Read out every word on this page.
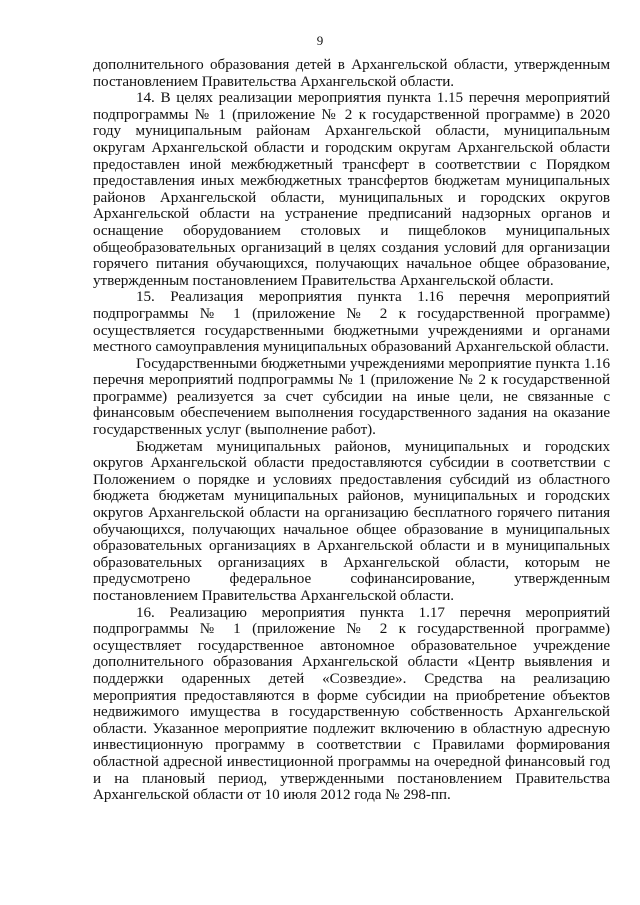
9

дополнительного образования детей в Архангельской области, утвержденным постановлением Правительства Архангельской области.

14. В целях реализации мероприятия пункта 1.15 перечня мероприятий подпрограммы № 1 (приложение № 2 к государственной программе) в 2020 году муниципальным районам Архангельской области, муниципальным округам Архангельской области и городским округам Архангельской области предоставлен иной межбюджетный трансферт в соответствии с Порядком предоставления иных межбюджетных трансфертов бюджетам муниципальных районов Архангельской области, муниципальных и городских округов Архангельской области на устранение предписаний надзорных органов и оснащение оборудованием столовых и пищеблоков муниципальных общеобразовательных организаций в целях создания условий для организации горячего питания обучающихся, получающих начальное общее образование, утвержденным постановлением Правительства Архангельской области.

15. Реализация мероприятия пункта 1.16 перечня мероприятий подпрограммы № 1 (приложение № 2 к государственной программе) осуществляется государственными бюджетными учреждениями и органами местного самоуправления муниципальных образований Архангельской области.

Государственными бюджетными учреждениями мероприятие пункта 1.16 перечня мероприятий подпрограммы № 1 (приложение № 2 к государственной программе) реализуется за счет субсидии на иные цели, не связанные с финансовым обеспечением выполнения государственного задания на оказание государственных услуг (выполнение работ).

Бюджетам муниципальных районов, муниципальных и городских округов Архангельской области предоставляются субсидии в соответствии с Положением о порядке и условиях предоставления субсидий из областного бюджета бюджетам муниципальных районов, муниципальных и городских округов Архангельской области на организацию бесплатного горячего питания обучающихся, получающих начальное общее образование в муниципальных образовательных организациях в Архангельской области и в муниципальных образовательных организациях в Архангельской области, которым не предусмотрено федеральное софинансирование, утвержденным постановлением Правительства Архангельской области.

16. Реализацию мероприятия пункта 1.17 перечня мероприятий подпрограммы № 1 (приложение № 2 к государственной программе) осуществляет государственное автономное образовательное учреждение дополнительного образования Архангельской области «Центр выявления и поддержки одаренных детей «Созвездие». Средства на реализацию мероприятия предоставляются в форме субсидии на приобретение объектов недвижимого имущества в государственную собственность Архангельской области. Указанное мероприятие подлежит включению в областную адресную инвестиционную программу в соответствии с Правилами формирования областной адресной инвестиционной программы на очередной финансовый год и на плановый период, утвержденными постановлением Правительства Архангельской области от 10 июля 2012 года № 298-пп.
